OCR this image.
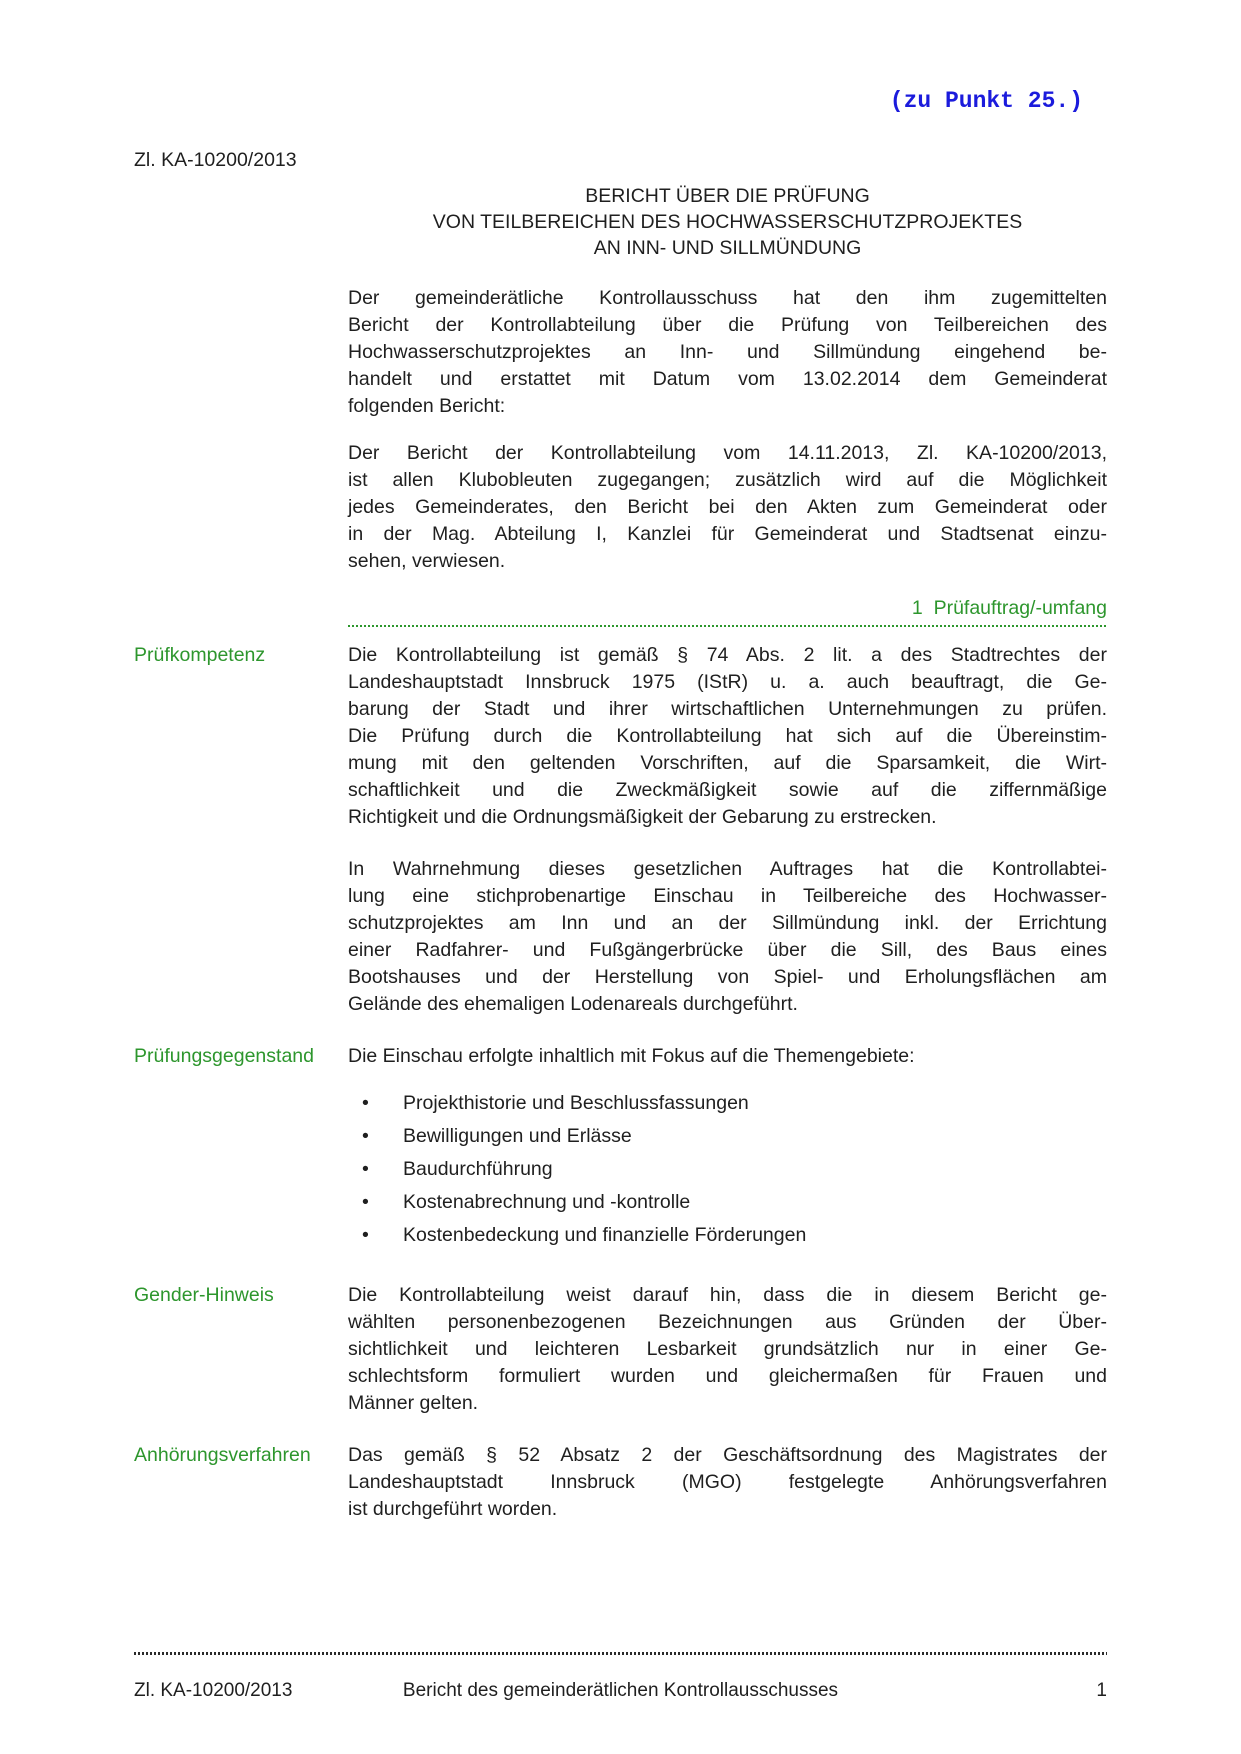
(zu Punkt 25.)
Zl. KA-10200/2013
BERICHT ÜBER DIE PRÜFUNG
VON TEILBEREICHEN DES HOCHWASSERSCHUTZPROJEKTES
AN INN- UND SILLMÜNDUNG
Der gemeinderätliche Kontrollausschuss hat den ihm zugemittelten
Bericht der Kontrollabteilung über die Prüfung von Teilbereichen des
Hochwasserschutzprojektes an Inn- und Sillmündung eingehend be-
handelt und erstattet mit Datum vom 13.02.2014 dem Gemeinderat
folgenden Bericht:
Der Bericht der Kontrollabteilung vom 14.11.2013, Zl. KA-10200/2013,
ist allen Klubobleuten zugegangen; zusätzlich wird auf die Möglichkeit
jedes Gemeinderates, den Bericht bei den Akten zum Gemeinderat oder
in der Mag. Abteilung I, Kanzlei für Gemeinderat und Stadtsenat einzu-
sehen, verwiesen.
1  Prüfauftrag/-umfang
Prüfkompetenz	Die Kontrollabteilung ist gemäß § 74 Abs. 2 lit. a des Stadtrechtes der
Landeshauptstadt Innsbruck 1975 (IStR) u. a. auch beauftragt, die Ge-
barung der Stadt und ihrer wirtschaftlichen Unternehmungen zu prüfen.
Die Prüfung durch die Kontrollabteilung hat sich auf die Übereinstim-
mung mit den geltenden Vorschriften, auf die Sparsamkeit, die Wirt-
schaftlichkeit und die Zweckmäßigkeit sowie auf die ziffernmäßige
Richtigkeit und die Ordnungsmäßigkeit der Gebarung zu erstrecken.
In Wahrnehmung dieses gesetzlichen Auftrages hat die Kontrollabtei-
lung eine stichprobenartige Einschau in Teilbereiche des Hochwasser-
schutzprojektes am Inn und an der Sillmündung inkl. der Errichtung
einer Radfahrer- und Fußgängerbrücke über die Sill, des Baus eines
Bootshauses und der Herstellung von Spiel- und Erholungsflächen am
Gelände des ehemaligen Lodenareals durchgeführt.
Prüfungsgegenstand	Die Einschau erfolgte inhaltlich mit Fokus auf die Themengebiete:
•	Projekthistorie und Beschlussfassungen
•	Bewilligungen und Erlässe
•	Baudurchführung
•	Kostenabrechnung und -kontrolle
•	Kostenbedeckung und finanzielle Förderungen
Gender-Hinweis	Die Kontrollabteilung weist darauf hin, dass die in diesem Bericht ge-
wählten personenbezogenen Bezeichnungen aus Gründen der Über-
sichtlichkeit und leichteren Lesbarkeit grundsätzlich nur in einer Ge-
schlechtsform formuliert wurden und gleichermaßen für Frauen und
Männer gelten.
Anhörungsverfahren	Das gemäß § 52 Absatz 2 der Geschäftsordnung des Magistrates der
Landeshauptstadt Innsbruck (MGO) festgelegte Anhörungsverfahren
ist durchgeführt worden.
Zl. KA-10200/2013	Bericht des gemeinderätlichen Kontrollausschusses	1
